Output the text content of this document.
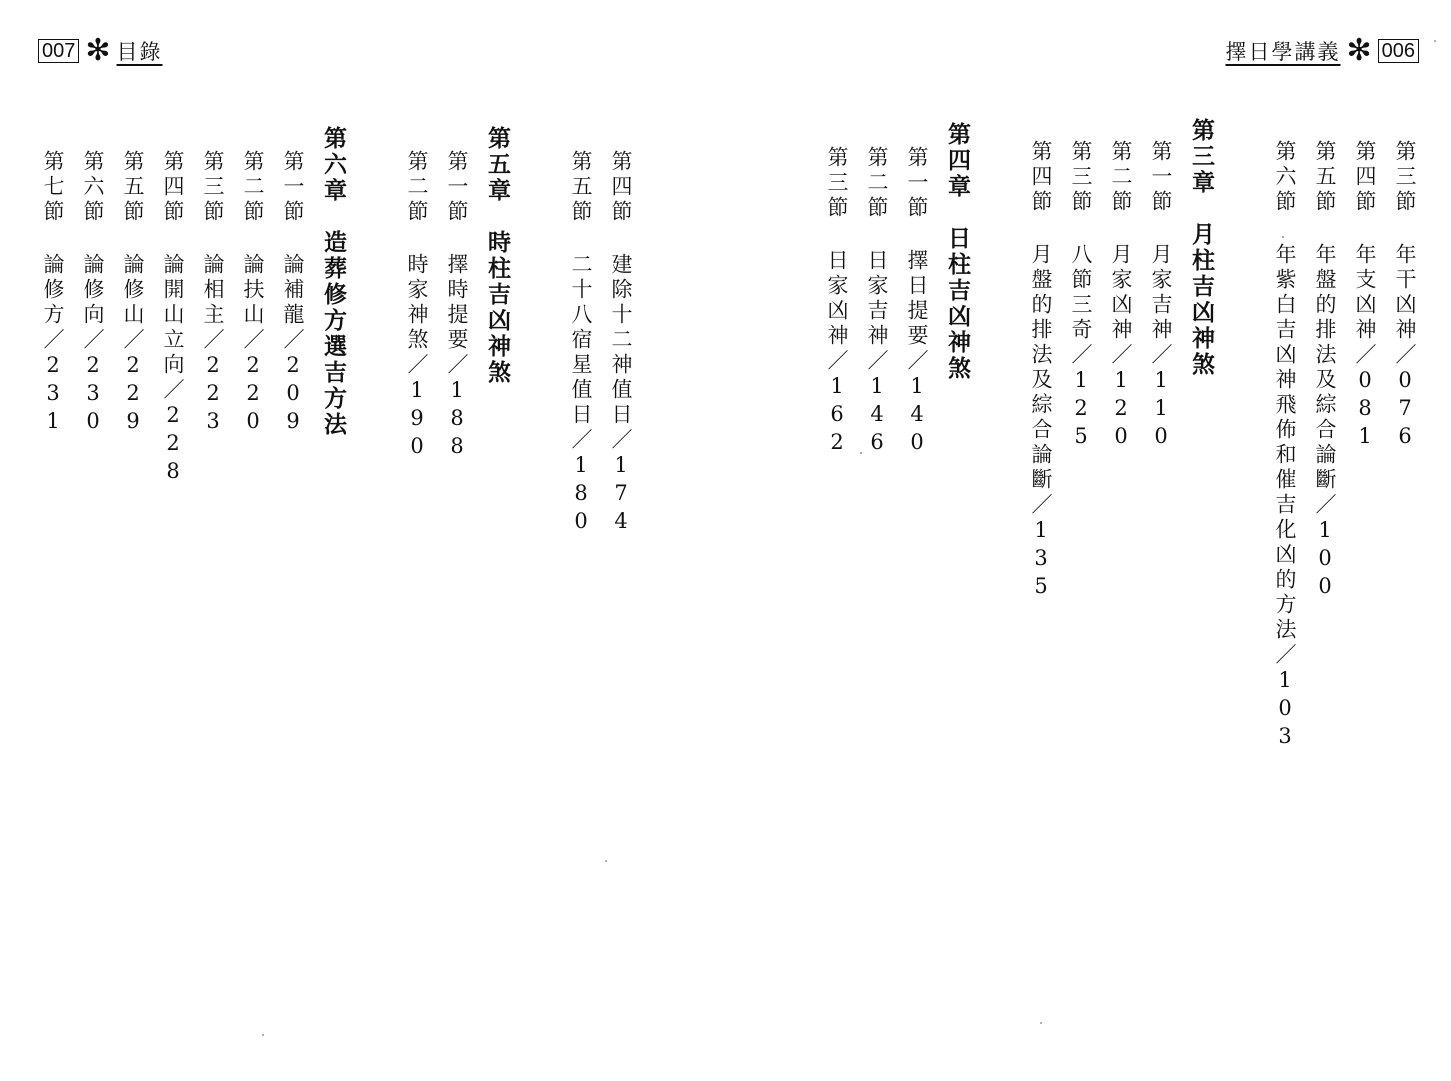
007 ✻ 目錄	擇日學講義 ✻ 006
第三節年干凶神／076
第四節年支凶神／081
第五節年盤的排法及綜合論斷／100
第六節年紫白吉凶神飛佈和催吉化凶的方法／103
第三章月柱吉凶神煞
第一節月家吉神／110
第二節月家凶神／120
第三節八節三奇／125
第四節月盤的排法及綜合論斷／135
第四章日柱吉凶神煞
第一節擇日提要／140
第二節日家吉神／146
第三節日家凶神／162
第四節建除十二神值日／174
第五節二十八宿星值日／180
第五章時柱吉凶神煞
第一節擇時提要／188
第二節時家神煞／190
第六章造葬修方選吉方法
第一節論補龍／209
第二節論扶山／220
第三節論相主／223
第四節論開山立向／228
第五節論修山／229
第六節論修向／230
第七節論修方／231
